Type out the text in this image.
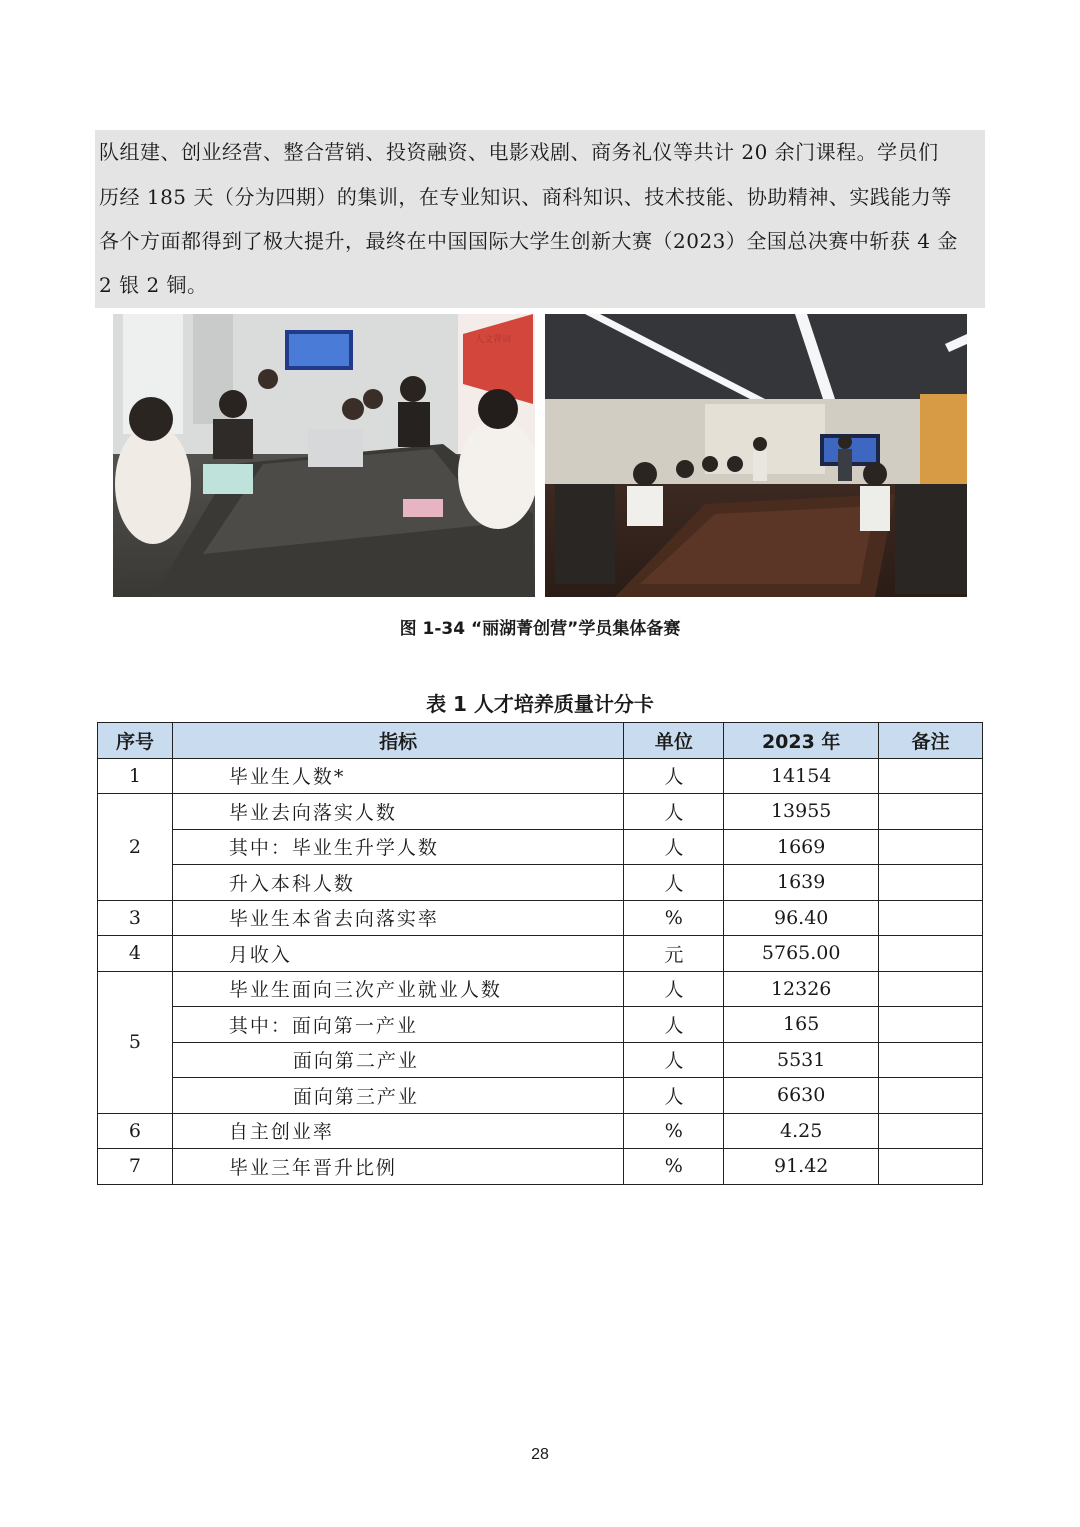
队组建、创业经营、整合营销、投资融资、电影戏剧、商务礼仪等共计 20 余门课程。学员们
历经 185 天（分为四期）的集训，在专业知识、商科知识、技术技能、协助精神、实践能力等
各个方面都得到了极大提升，最终在中国国际大学生创新大赛（2023）全国总决赛中斩获 4 金
2 银 2 铜。
人文背词
图 1-34 “丽湖菁创营”学员集体备赛
表 1 人才培养质量计分卡
序号	指标	单位	2023 年	备注
1	毕业生人数*	人	14154	
2	毕业去向落实人数	人	13955	
	其中：毕业生升学人数	人	1669	
	升入本科人数	人	1639	
3	毕业生本省去向落实率	%	96.40	
4	月收入	元	5765.00	
5	毕业生面向三次产业就业人数	人	12326	
	其中：面向第一产业	人	165	
	面向第二产业	人	5531	
	面向第三产业	人	6630	
6	自主创业率	%	4.25	
7	毕业三年晋升比例	%	91.42	
28
